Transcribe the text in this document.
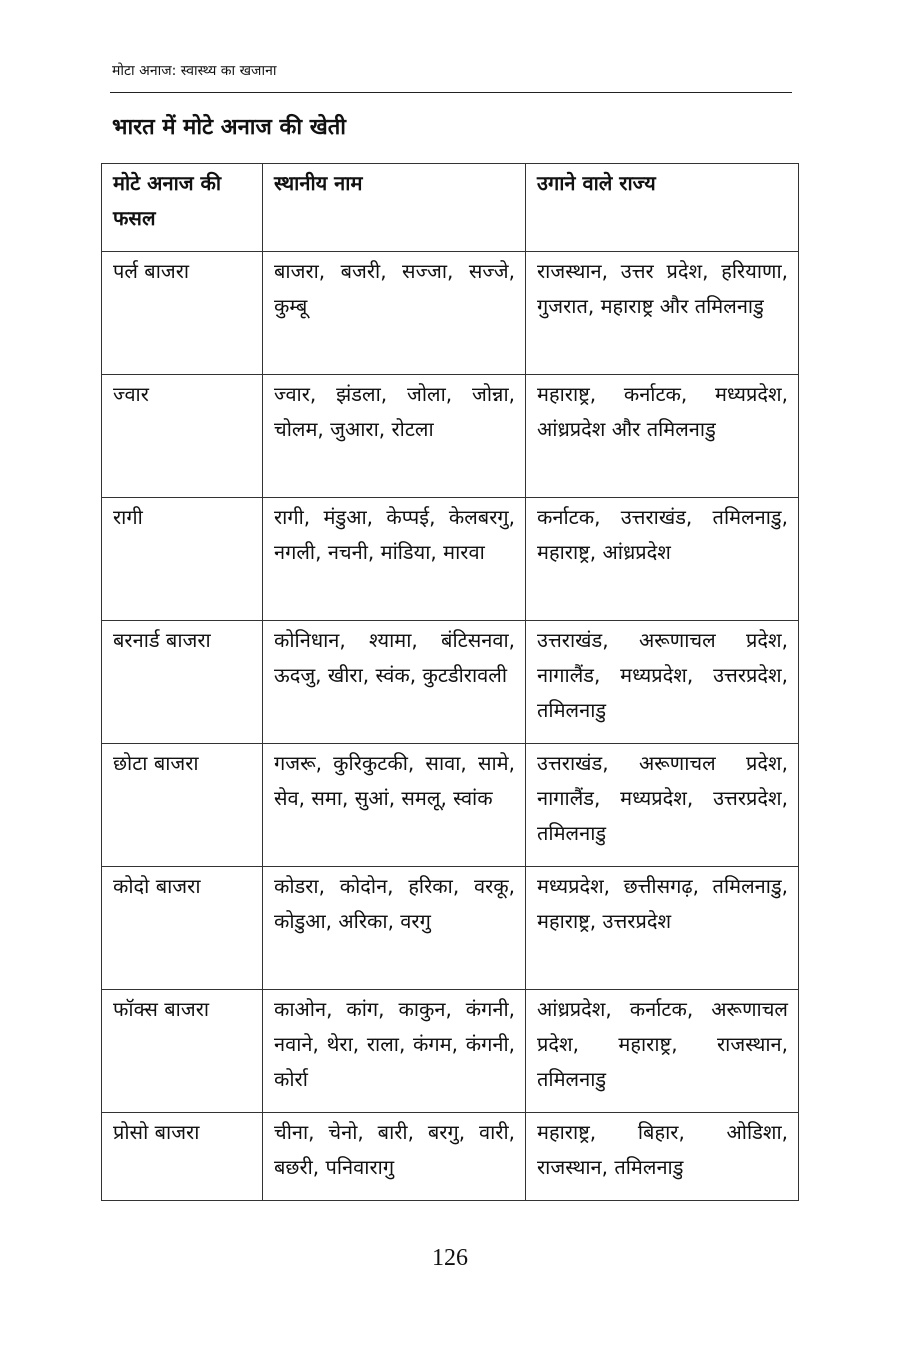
मोटा अनाज: स्वास्थ्य का खजाना
भारत में मोटे अनाज की खेती
मोटे अनाज की फसल	स्थानीय नाम	उगाने वाले राज्य
पर्ल बाजरा	बाजरा, बजरी, सज्जा, सज्जे, कुम्बू	राजस्थान, उत्तर प्रदेश, हरियाणा, गुजरात, महाराष्ट्र और तमिलनाडु
ज्वार	ज्वार, झंडला, जोला, जोन्ना, चोलम, जुआरा, रोटला	महाराष्ट्र, कर्नाटक, मध्यप्रदेश, आंध्रप्रदेश और तमिलनाडु
रागी	रागी, मंडुआ, केप्पई, केलबरगु, नगली, नचनी, मांडिया, मारवा	कर्नाटक, उत्तराखंड, तमिलनाडु, महाराष्ट्र, आंध्रप्रदेश
बरनार्ड बाजरा	कोनिधान, श्यामा, बंटिसनवा, ऊदजु, खीरा, स्वंक, कुटडीरावली	उत्तराखंड, अरूणाचल प्रदेश, नागालैंड, मध्यप्रदेश, उत्तरप्रदेश, तमिलनाडु
छोटा बाजरा	गजरू, कुरिकुटकी, सावा, सामे, सेव, समा, सुआं, समलू, स्वांक	उत्तराखंड, अरूणाचल प्रदेश, नागालैंड, मध्यप्रदेश, उत्तरप्रदेश, तमिलनाडु
कोदो बाजरा	कोडरा, कोदोन, हरिका, वरकू, कोडुआ, अरिका, वरगु	मध्यप्रदेश, छत्तीसगढ़, तमिलनाडु, महाराष्ट्र, उत्तरप्रदेश
फॉक्स बाजरा	काओन, कांग, काकुन, कंगनी, नवाने, थेरा, राला, कंगम, कंगनी, कोर्रा	आंध्रप्रदेश, कर्नाटक, अरूणाचल प्रदेश, महाराष्ट्र, राजस्थान, तमिलनाडु
प्रोसो बाजरा	चीना, चेनो, बारी, बरगु, वारी, बछरी, पनिवारागु	महाराष्ट्र, बिहार, ओडिशा, राजस्थान, तमिलनाडु
126
